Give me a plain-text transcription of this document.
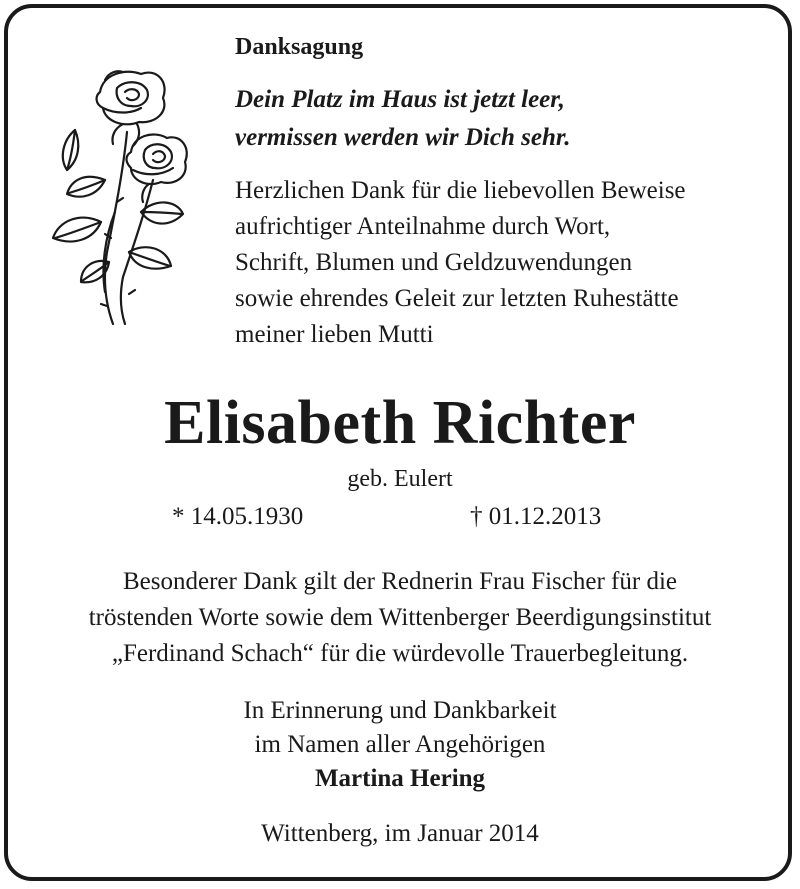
Danksagung
Dein Platz im Haus ist jetzt leer,
vermissen werden wir Dich sehr.
Herzlichen Dank für die liebevollen Beweise
aufrichtiger Anteilnahme durch Wort,
Schrift, Blumen und Geldzuwendungen
sowie ehrendes Geleit zur letzten Ruhestätte
meiner lieben Mutti
Elisabeth Richter
geb. Eulert
* 14.05.1930	† 01.12.2013
Besonderer Dank gilt der Rednerin Frau Fischer für die
tröstenden Worte sowie dem Wittenberger Beerdigungsinstitut
„Ferdinand Schach“ für die würdevolle Trauerbegleitung.
In Erinnerung und Dankbarkeit
im Namen aller Angehörigen
Martina Hering
Wittenberg, im Januar 2014
